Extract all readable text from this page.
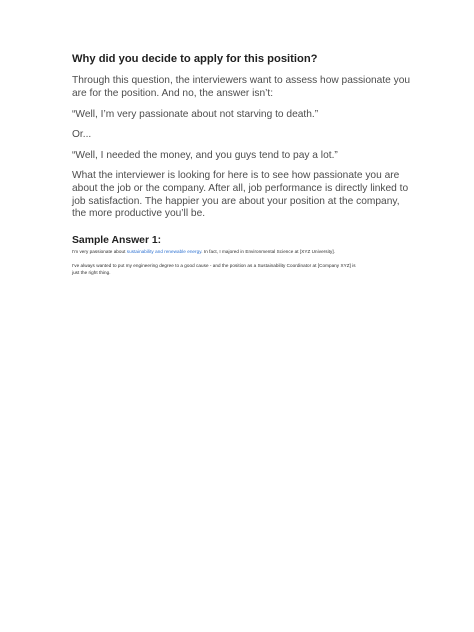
Why did you decide to apply for this position?

Through this question, the interviewers want to assess how passionate you are for the position. And no, the answer isn’t:

“Well, I’m very passionate about not starving to death.”

Or...

“Well, I needed the money, and you guys tend to pay a lot.”

What the interviewer is looking for here is to see how passionate you are about the job or the company. After all, job performance is directly linked to job satisfaction. The happier you are about your position at the company, the more productive you’ll be.

Sample Answer 1:

I'm very passionate about sustainability and renewable energy. In fact, I majored in Environmental Science at [XYZ University].

I've always wanted to put my engineering degree to a good cause - and the position as a Sustainability Coordinator at [Company XYZ] is just the right thing.
